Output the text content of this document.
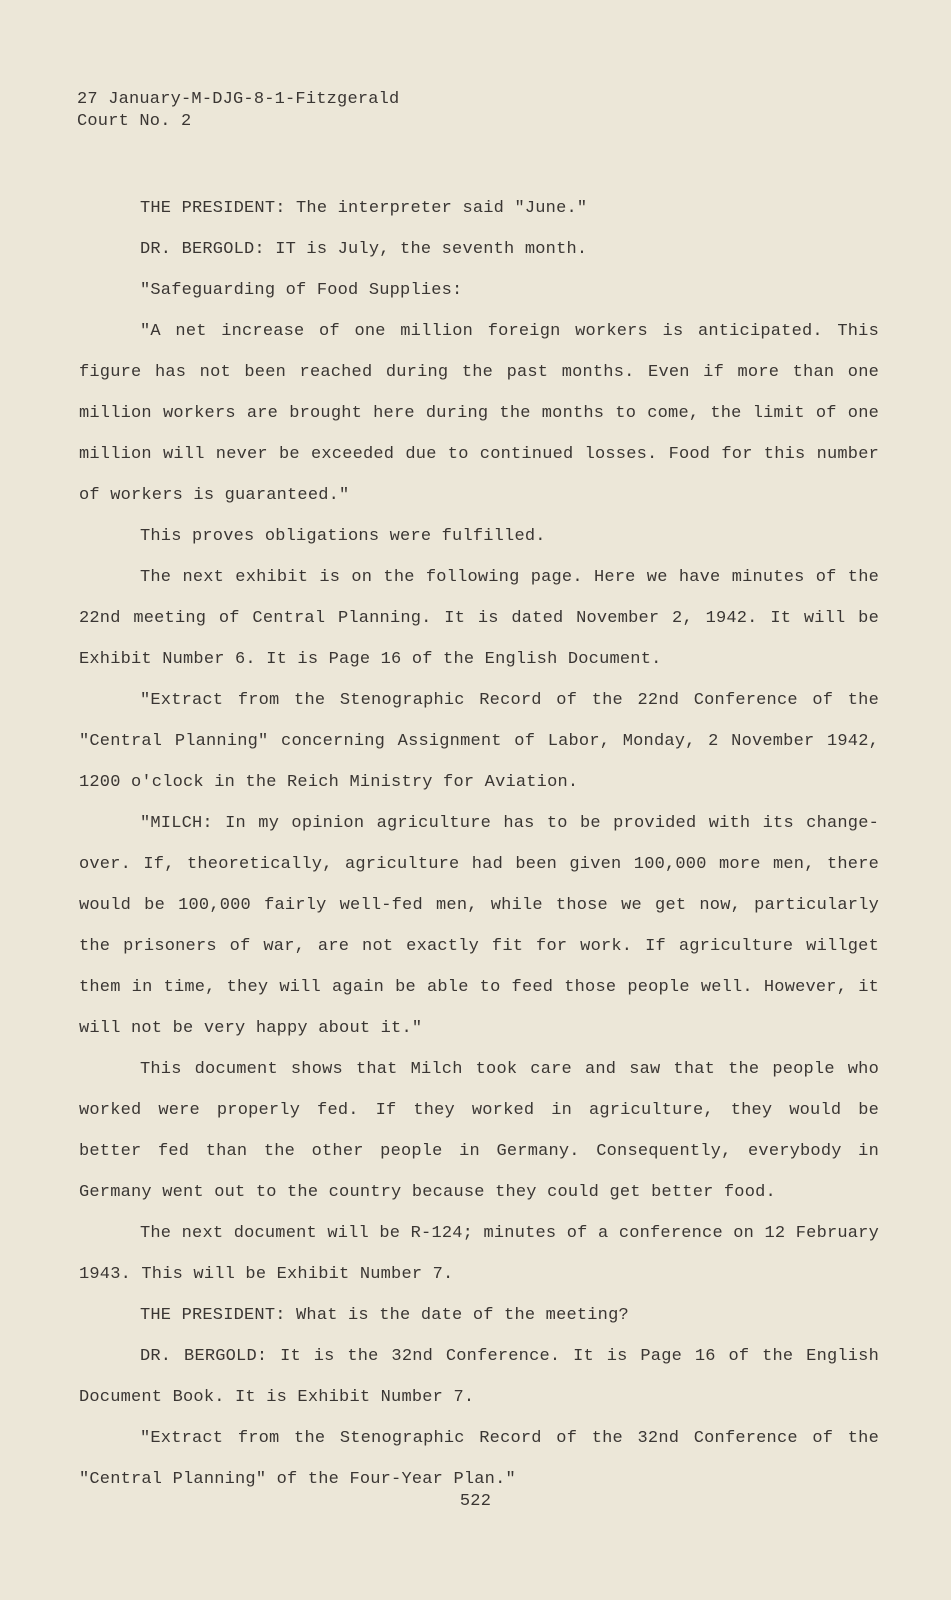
27 January-M-DJG-8-1-Fitzgerald
Court No. 2

THE PRESIDENT: The interpreter said "June."

DR. BERGOLD: IT is July, the seventh month.

"Safeguarding of Food Supplies:

"A net increase of one million foreign workers is anticipated. This figure has not been reached during the past months. Even if more than one million workers are brought here during the months to come, the limit of one million will never be exceeded due to continued losses. Food for this number of workers is guaranteed."

This proves obligations were fulfilled.

The next exhibit is on the following page. Here we have minutes of the 22nd meeting of Central Planning. It is dated November 2, 1942. It will be Exhibit Number 6. It is Page 16 of the English Document.

"Extract from the Stenographic Record of the 22nd Conference of the "Central Planning" concerning Assignment of Labor, Monday, 2 November 1942, 1200 o'clock in the Reich Ministry for Aviation.

"MILCH: In my opinion agriculture has to be provided with its change-over. If, theoretically, agriculture had been given 100,000 more men, there would be 100,000 fairly well-fed men, while those we get now, particularly the prisoners of war, are not exactly fit for work. If agriculture willget them in time, they will again be able to feed those people well. However, it will not be very happy about it."

This document shows that Milch took care and saw that the people who worked were properly fed. If they worked in agriculture, they would be better fed than the other people in Germany. Consequently, everybody in Germany went out to the country because they could get better food.

The next document will be R-124; minutes of a conference on 12 February 1943. This will be Exhibit Number 7.

THE PRESIDENT: What is the date of the meeting?

DR. BERGOLD: It is the 32nd Conference. It is Page 16 of the English Document Book. It is Exhibit Number 7.

"Extract from the Stenographic Record of the 32nd Conference of the "Central Planning" of the Four-Year Plan."

522
